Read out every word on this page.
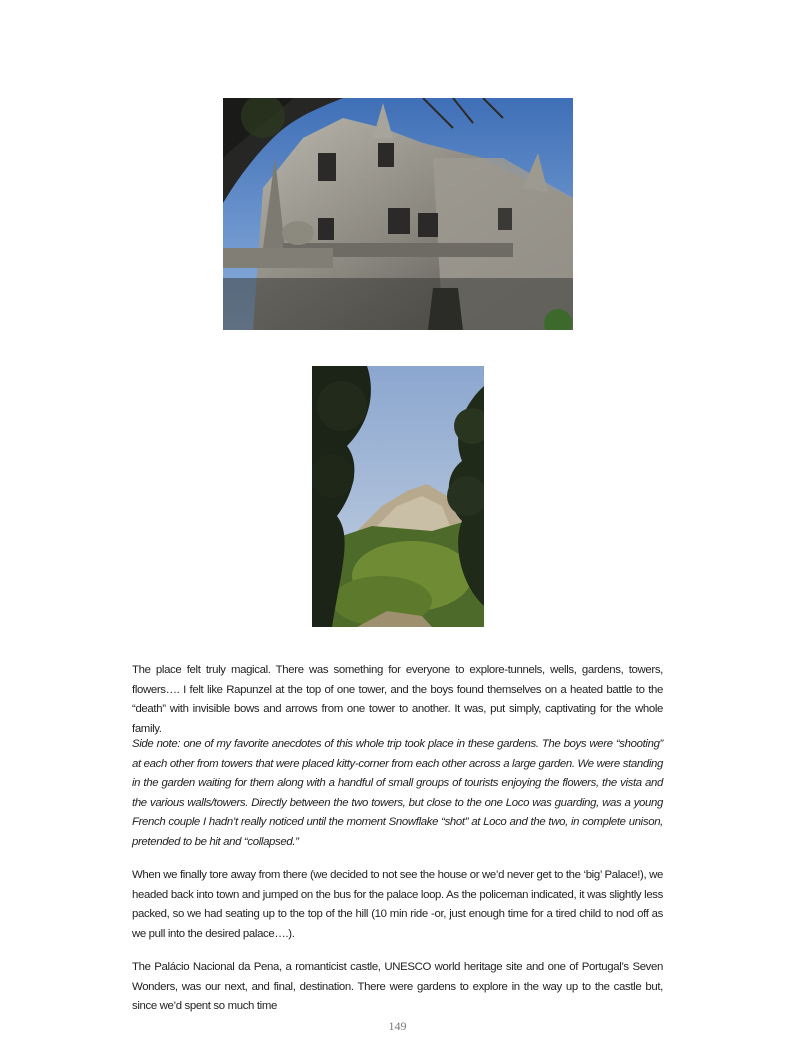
The place felt truly magical. There was something for everyone to explore-tunnels, wells, gardens, towers, flowers…. I felt like Rapunzel at the top of one tower, and the boys found themselves on a heated battle to the “death” with invisible bows and arrows from one tower to another. It was, put simply, captivating for the whole family.

Side note: one of my favorite anecdotes of this whole trip took place in these gardens. The boys were “shooting” at each other from towers that were placed kitty-corner from each other across a large garden. We were standing in the garden waiting for them along with a handful of small groups of tourists enjoying the flowers, the vista and the various walls/towers. Directly between the two towers, but close to the one Loco was guarding, was a young French couple I hadn’t really noticed until the moment Snowflake “shot” at Loco and the two, in complete unison, pretended to be hit and “collapsed.”

When we finally tore away from there (we decided to not see the house or we’d never get to the ‘big’ Palace!), we headed back into town and jumped on the bus for the palace loop. As the policeman indicated, it was slightly less packed, so we had seating up to the top of the hill (10 min ride -or, just enough time for a tired child to nod off as we pull into the desired palace….).

The Palácio Nacional da Pena, a romanticist castle, UNESCO world heritage site and one of Portugal’s Seven Wonders, was our next, and final, destination. There were gardens to explore in the way up to the castle but, since we’d spent so much time

149
